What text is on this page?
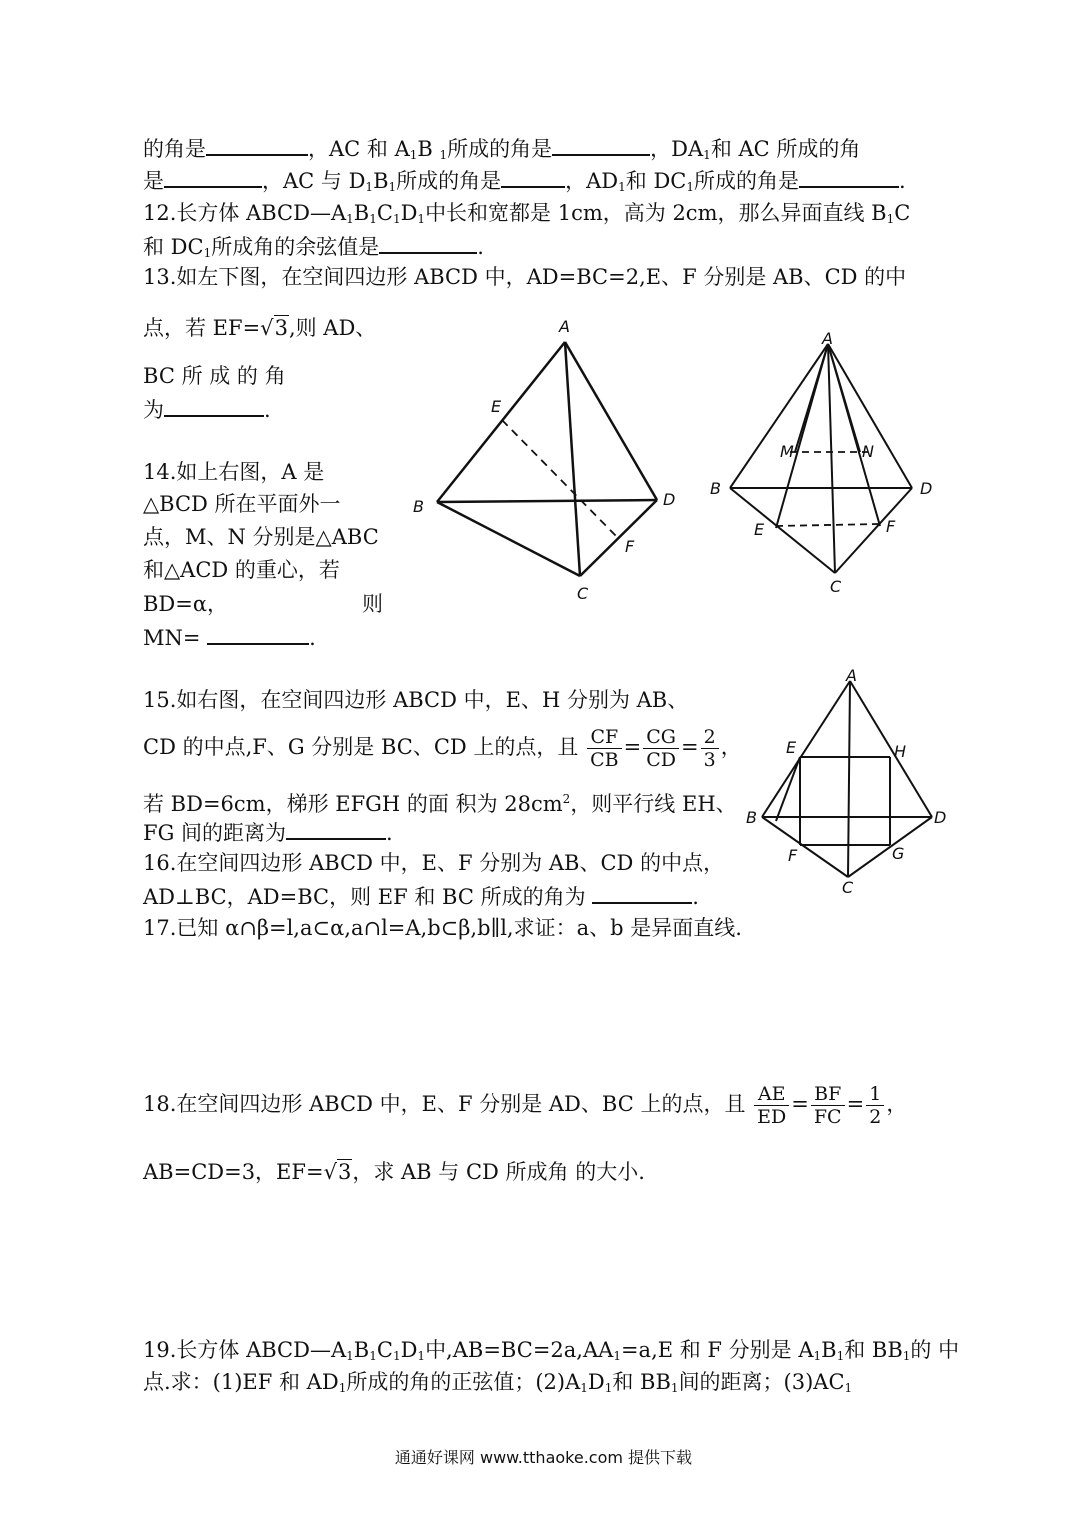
的角是	，AC 和 $A_1B$ $_1$所成的角是	，$DA_1$和 AC 所成的角
是	，AC 与 $D_1B_1$所成的角是	，$AD_1$和 $DC_1$所成的角是	.
12.长方体 $ABCD—A_1B_1C_1D_1$中长和宽都是 1cm，高为 2cm，那么异面直线 $B_1C$
和 $DC_1$所成角的余弦值是	.
13.如左下图，在空间四边形 ABCD 中，AD=BC=2,E、F 分别是 AB、CD 的中
点，若 EF=√3,则 AD、
BC 所 成 的 角
为	.
14.如上右图，A 是
△BCD 所在平面外一
点，M、N 分别是△ABC
和△ACD 的重心，若
BD=α，	则
MN=	.
A
B
C
D
E
F
A
B
C
D
E	F
M	N
15.如右图，在空间四边形 ABCD 中，E、H 分别为 AB、
CD 的中点,F、G 分别是 BC、CD 上的点，且 $\frac{CF}{CB} = \frac{CG}{CD} = \frac{2}{3}$ ，
若 BD=6cm，梯形 EFGH 的面 积为 $28cm^2$，则平行线 EH、
FG 间的距离为	.
A
B
C
D
E
F	G
H
16.在空间四边形 ABCD 中，E、F 分别为 AB、CD 的中点，
AD⊥BC，AD=BC，则 EF 和 BC 所成的角为	.
17.已知 α∩β=l,a⊂α,a∩l=A,b⊂β,b∥l,求证：a、b 是异面直线.
18.在空间四边形 ABCD 中，E、F 分别是 AD、BC 上的点，且 $\frac{AE}{ED} = \frac{BF}{FC} = \frac{1}{2}$ ，
AB=CD=3，EF=√3，求 AB 与 CD 所成角 的大小.
19.长方体 $ABCD—A_1B_1C_1D_1$中$,AB=BC=2a,AA_1=a,E$ 和 F 分别是 $A_1B_1$和 $BB_1$的 中
点.求：(1)EF 和 $AD_1$所成的角的正弦值；$(2)A_1D_1$和 $BB_1$间的距离；$(3)AC_1$
通通好课网 www.tthaoke.com 提供下载
